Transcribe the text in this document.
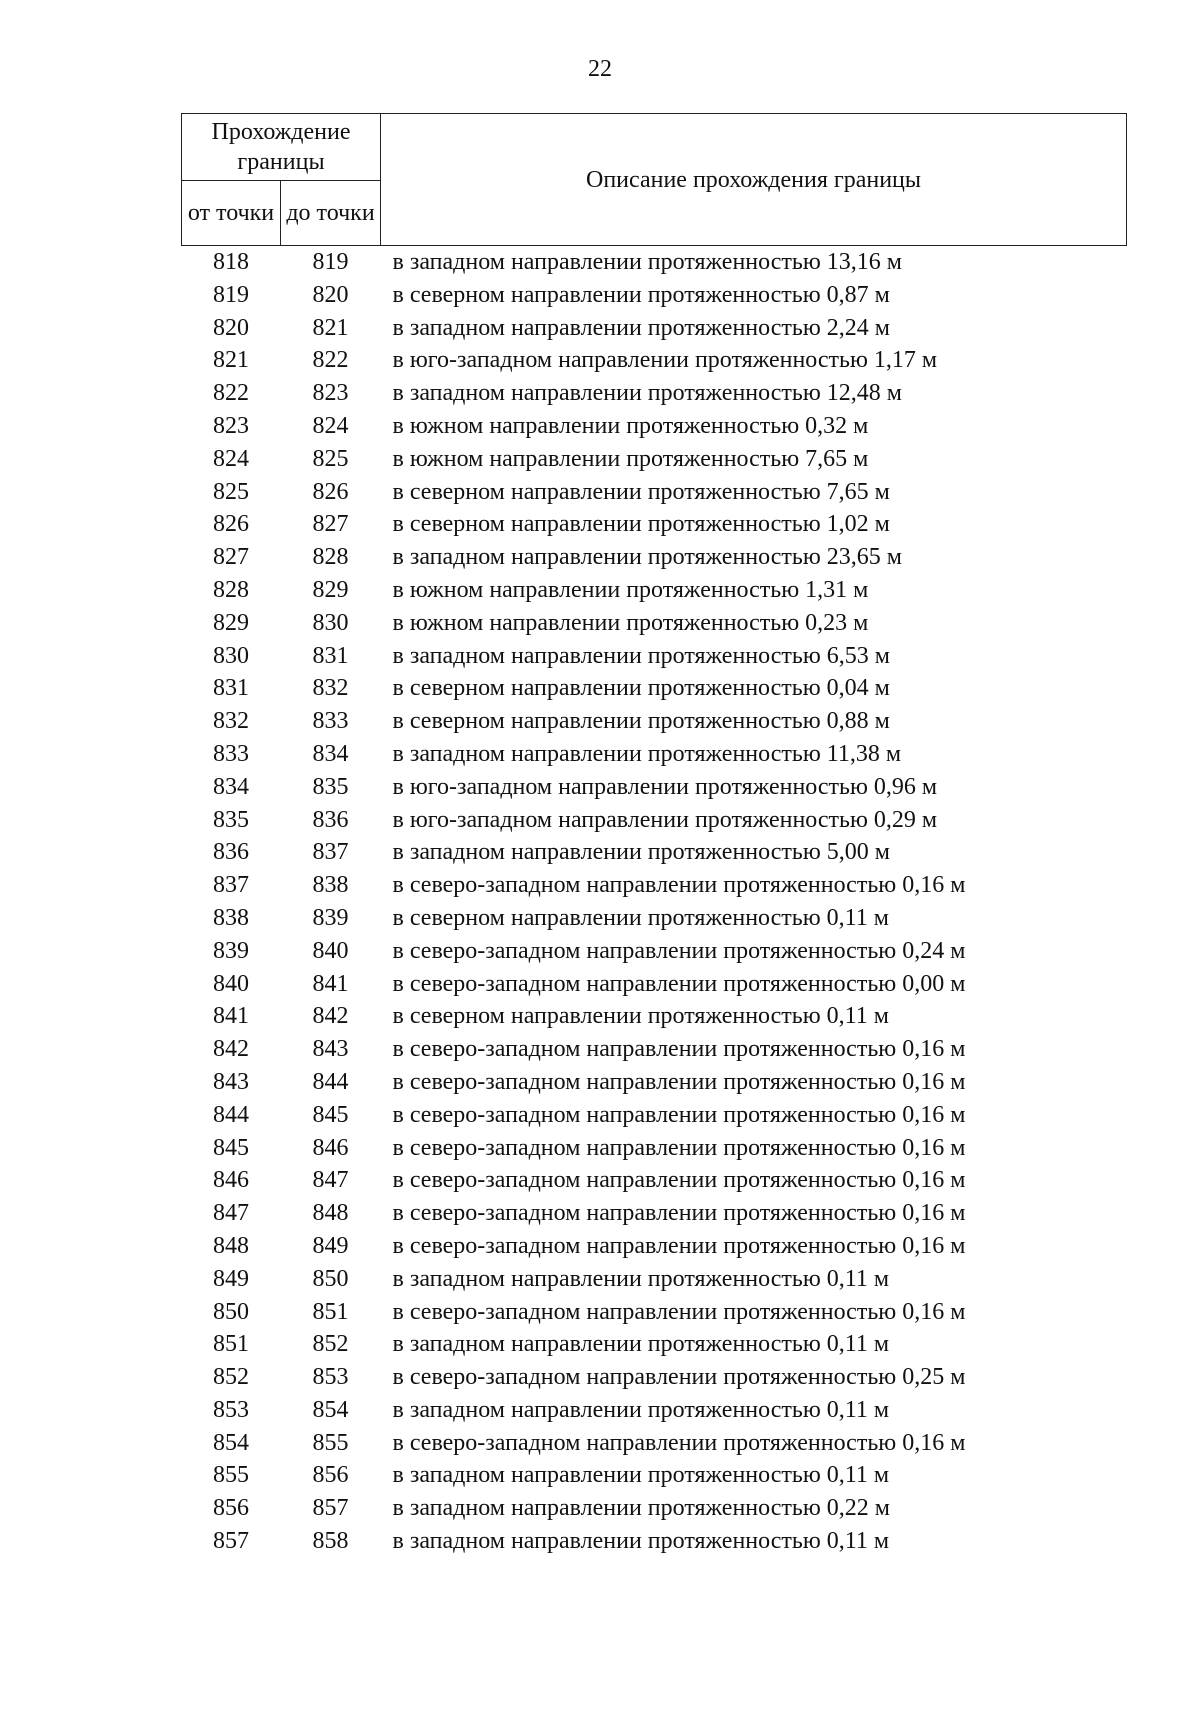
22
Прохождение границы		Описание прохождения границы
от точки	до точки	
818	819	в западном направлении протяженностью 13,16 м
819	820	в северном направлении протяженностью 0,87 м
820	821	в западном направлении протяженностью 2,24 м
821	822	в юго-западном направлении протяженностью 1,17 м
822	823	в западном направлении протяженностью 12,48 м
823	824	в южном направлении протяженностью 0,32 м
824	825	в южном направлении протяженностью 7,65 м
825	826	в северном направлении протяженностью 7,65 м
826	827	в северном направлении протяженностью 1,02 м
827	828	в западном направлении протяженностью 23,65 м
828	829	в южном направлении протяженностью 1,31 м
829	830	в южном направлении протяженностью 0,23 м
830	831	в западном направлении протяженностью 6,53 м
831	832	в северном направлении протяженностью 0,04 м
832	833	в северном направлении протяженностью 0,88 м
833	834	в западном направлении протяженностью 11,38 м
834	835	в юго-западном направлении протяженностью 0,96 м
835	836	в юго-западном направлении протяженностью 0,29 м
836	837	в западном направлении протяженностью 5,00 м
837	838	в северо-западном направлении протяженностью 0,16 м
838	839	в северном направлении протяженностью 0,11 м
839	840	в северо-западном направлении протяженностью 0,24 м
840	841	в северо-западном направлении протяженностью 0,00 м
841	842	в северном направлении протяженностью 0,11 м
842	843	в северо-западном направлении протяженностью 0,16 м
843	844	в северо-западном направлении протяженностью 0,16 м
844	845	в северо-западном направлении протяженностью 0,16 м
845	846	в северо-западном направлении протяженностью 0,16 м
846	847	в северо-западном направлении протяженностью 0,16 м
847	848	в северо-западном направлении протяженностью 0,16 м
848	849	в северо-западном направлении протяженностью 0,16 м
849	850	в западном направлении протяженностью 0,11 м
850	851	в северо-западном направлении протяженностью 0,16 м
851	852	в западном направлении протяженностью 0,11 м
852	853	в северо-западном направлении протяженностью 0,25 м
853	854	в западном направлении протяженностью 0,11 м
854	855	в северо-западном направлении протяженностью 0,16 м
855	856	в западном направлении протяженностью 0,11 м
856	857	в западном направлении протяженностью 0,22 м
857	858	в западном направлении протяженностью 0,11 м
